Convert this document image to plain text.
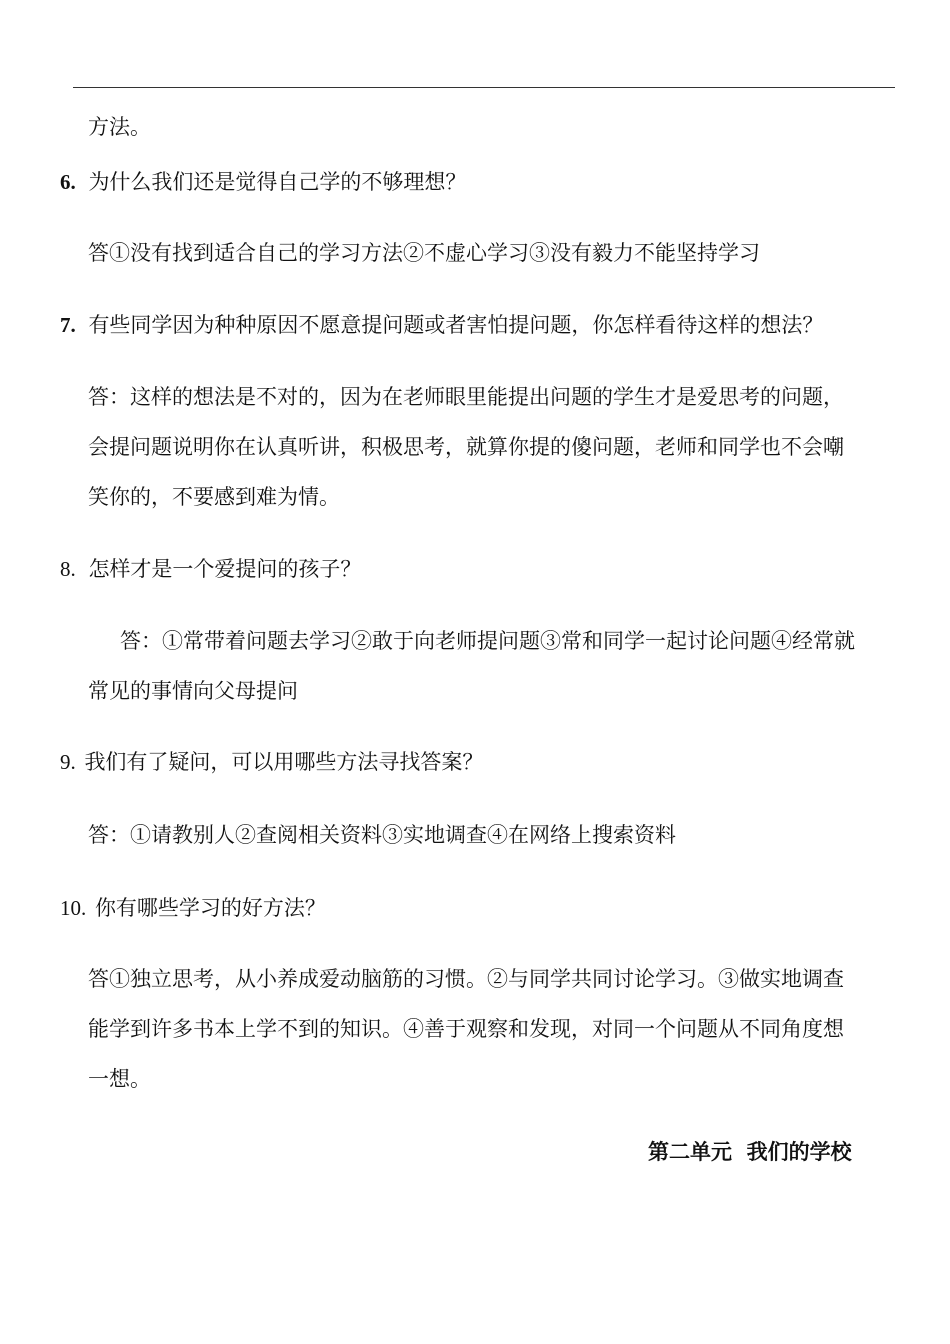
方法。
6. 为什么我们还是觉得自己学的不够理想？
答①没有找到适合自己的学习方法②不虚心学习③没有毅力不能坚持学习
7. 有些同学因为种种原因不愿意提问题或者害怕提问题，你怎样看待这样的想法？
答：这样的想法是不对的，因为在老师眼里能提出问题的学生才是爱思考的问题，
会提问题说明你在认真听讲，积极思考，就算你提的傻问题，老师和同学也不会嘲
笑你的，不要感到难为情。
8. 怎样才是一个爱提问的孩子？
答：①常带着问题去学习②敢于向老师提问题③常和同学一起讨论问题④经常就
常见的事情向父母提问
9. 我们有了疑问，可以用哪些方法寻找答案？
答：①请教别人②查阅相关资料③实地调查④在网络上搜索资料
10. 你有哪些学习的好方法？
答①独立思考，从小养成爱动脑筋的习惯。②与同学共同讨论学习。③做实地调查
能学到许多书本上学不到的知识。④善于观察和发现，对同一个问题从不同角度想
一想。
第二单元  我们的学校
